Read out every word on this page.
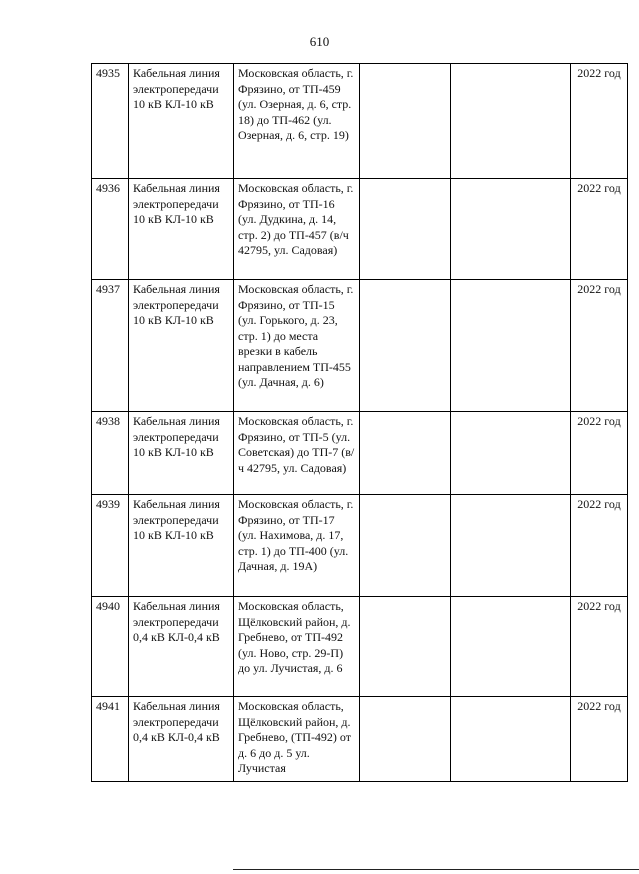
610
4935	Кабельная линия электропередачи 10 кВ КЛ-10 кВ	Московская область, г. Фрязино, от ТП-459 (ул. Озерная, д. 6, стр. 18) до ТП-462 (ул. Озерная, д. 6, стр. 19)			2022 год
4936	Кабельная линия электропередачи 10 кВ КЛ-10 кВ	Московская область, г. Фрязино, от ТП-16 (ул. Дудкина, д. 14, стр. 2) до ТП-457 (в/ч 42795, ул. Садовая)			2022 год
4937	Кабельная линия электропередачи 10 кВ КЛ-10 кВ	Московская область, г. Фрязино, от ТП-15 (ул. Горького, д. 23, стр. 1) до места врезки в кабель направлением ТП-455 (ул. Дачная, д. 6)			2022 год
4938	Кабельная линия электропередачи 10 кВ КЛ-10 кВ	Московская область, г. Фрязино, от ТП-5 (ул. Советская) до ТП-7 (в/ч 42795, ул. Садовая)			2022 год
4939	Кабельная линия электропередачи 10 кВ КЛ-10 кВ	Московская область, г. Фрязино, от ТП-17 (ул. Нахимова, д. 17, стр. 1) до ТП-400 (ул. Дачная, д. 19А)			2022 год
4940	Кабельная линия электропередачи 0,4 кВ КЛ-0,4 кВ	Московская область, Щёлковский район, д. Гребнево, от ТП-492 (ул. Ново, стр. 29-П) до ул. Лучистая, д. 6			2022 год
4941	Кабельная линия электропередачи 0,4 кВ КЛ-0,4 кВ	Московская область, Щёлковский район, д. Гребнево, (ТП-492) от д. 6 до д. 5 ул. Лучистая			2022 год
